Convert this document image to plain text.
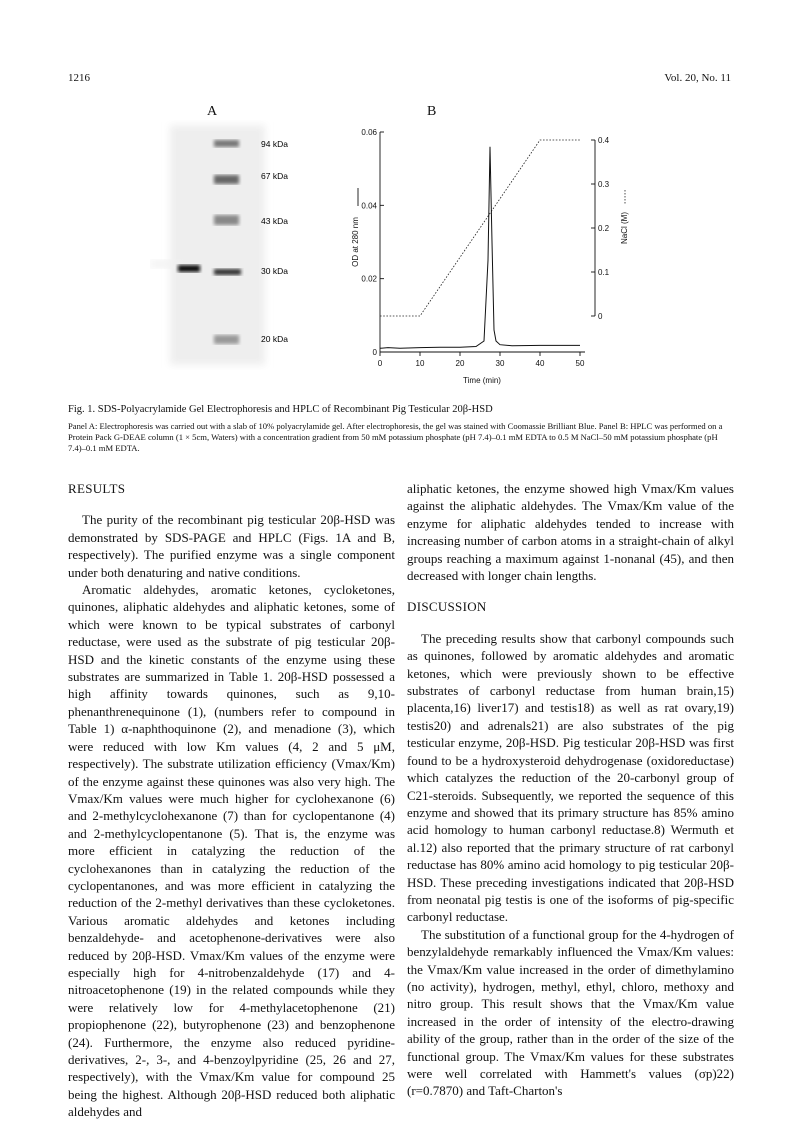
1216	Vol. 20, No. 11
A	B
94 kDa
67 kDa
43 kDa
30 kDa
20 kDa
0	10	20	30	40	50
0
0.02
0.04
0.06
0
0.1
0.2
0.3
0.4
Time (min)
OD at 280 nm	NaCl (M)
Fig. 1. SDS-Polyacrylamide Gel Electrophoresis and HPLC of Recombinant Pig Testicular 20β-HSD
Panel A: Electrophoresis was carried out with a slab of 10% polyacrylamide gel. After electrophoresis, the gel was stained with Coomassie Brilliant Blue. Panel B: HPLC was performed on a Protein Pack G-DEAE column (1 × 5cm, Waters) with a concentration gradient from 50 mM potassium phosphate (pH 7.4)–0.1 mM EDTA to 0.5 M NaCl–50 mM potassium phosphate (pH 7.4)–0.1 mM EDTA.
RESULTS

The purity of the recombinant pig testicular 20β-HSD was demonstrated by SDS-PAGE and HPLC (Figs. 1A and B, respectively). The purified enzyme was a single component under both denaturing and native conditions.

Aromatic aldehydes, aromatic ketones, cycloketones, quinones, aliphatic aldehydes and aliphatic ketones, some of which were known to be typical substrates of carbonyl reductase, were used as the substrate of pig testicular 20β-HSD and the kinetic constants of the enzyme using these substrates are summarized in Table 1. 20β-HSD possessed a high affinity towards quinones, such as 9,10-phenanthrenequinone (1), (numbers refer to compound in Table 1) α-naphthoquinone (2), and menadione (3), which were reduced with low Km values (4, 2 and 5 μM, respectively). The substrate utilization efficiency (Vmax/Km) of the enzyme against these quinones was also very high. The Vmax/Km values were much higher for cyclohexanone (6) and 2-methylcyclohexanone (7) than for cyclopentanone (4) and 2-methylcyclopentanone (5). That is, the enzyme was more efficient in catalyzing the reduction of the cyclohexanones than in catalyzing the reduction of the cyclopentanones, and was more efficient in catalyzing the reduction of the 2-methyl derivatives than these cycloketones. Various aromatic aldehydes and ketones including benzaldehyde- and acetophenone-derivatives were also reduced by 20β-HSD. Vmax/Km values of the enzyme were especially high for 4-nitrobenzaldehyde (17) and 4-nitroacetophenone (19) in the related compounds while they were relatively low for 4-methylacetophenone (21) propiophenone (22), butyrophenone (23) and benzophenone (24). Furthermore, the enzyme also reduced pyridine-derivatives, 2-, 3-, and 4-benzoylpyridine (25, 26 and 27, respectively), with the Vmax/Km value for compound 25 being the highest. Although 20β-HSD reduced both aliphatic aldehydes and

aliphatic ketones, the enzyme showed high Vmax/Km values against the aliphatic aldehydes. The Vmax/Km value of the enzyme for aliphatic aldehydes tended to increase with increasing number of carbon atoms in a straight-chain of alkyl groups reaching a maximum against 1-nonanal (45), and then decreased with longer chain lengths.

DISCUSSION

The preceding results show that carbonyl compounds such as quinones, followed by aromatic aldehydes and aromatic ketones, which were previously shown to be effective substrates of carbonyl reductase from human brain,15) placenta,16) liver17) and testis18) as well as rat ovary,19) testis20) and adrenals21) are also substrates of the pig testicular enzyme, 20β-HSD. Pig testicular 20β-HSD was first found to be a hydroxysteroid dehydrogenase (oxidoreductase) which catalyzes the reduction of the 20-carbonyl group of C21-steroids. Subsequently, we reported the sequence of this enzyme and showed that its primary structure has 85% amino acid homology to human carbonyl reductase.8) Wermuth et al.12) also reported that the primary structure of rat carbonyl reductase has 80% amino acid homology to pig testicular 20β-HSD. These preceding investigations indicated that 20β-HSD from neonatal pig testis is one of the isoforms of pig-specific carbonyl reductase.

The substitution of a functional group for the 4-hydrogen of benzylaldehyde remarkably influenced the Vmax/Km values: the Vmax/Km value increased in the order of dimethylamino (no activity), hydrogen, methyl, ethyl, chloro, methoxy and nitro group. This result shows that the Vmax/Km value increased in the order of intensity of the electro-drawing ability of the group, rather than in the order of the size of the functional group. The Vmax/Km values for these substrates were well correlated with Hammett's values (σp)22) (r=0.7870) and Taft-Charton's
